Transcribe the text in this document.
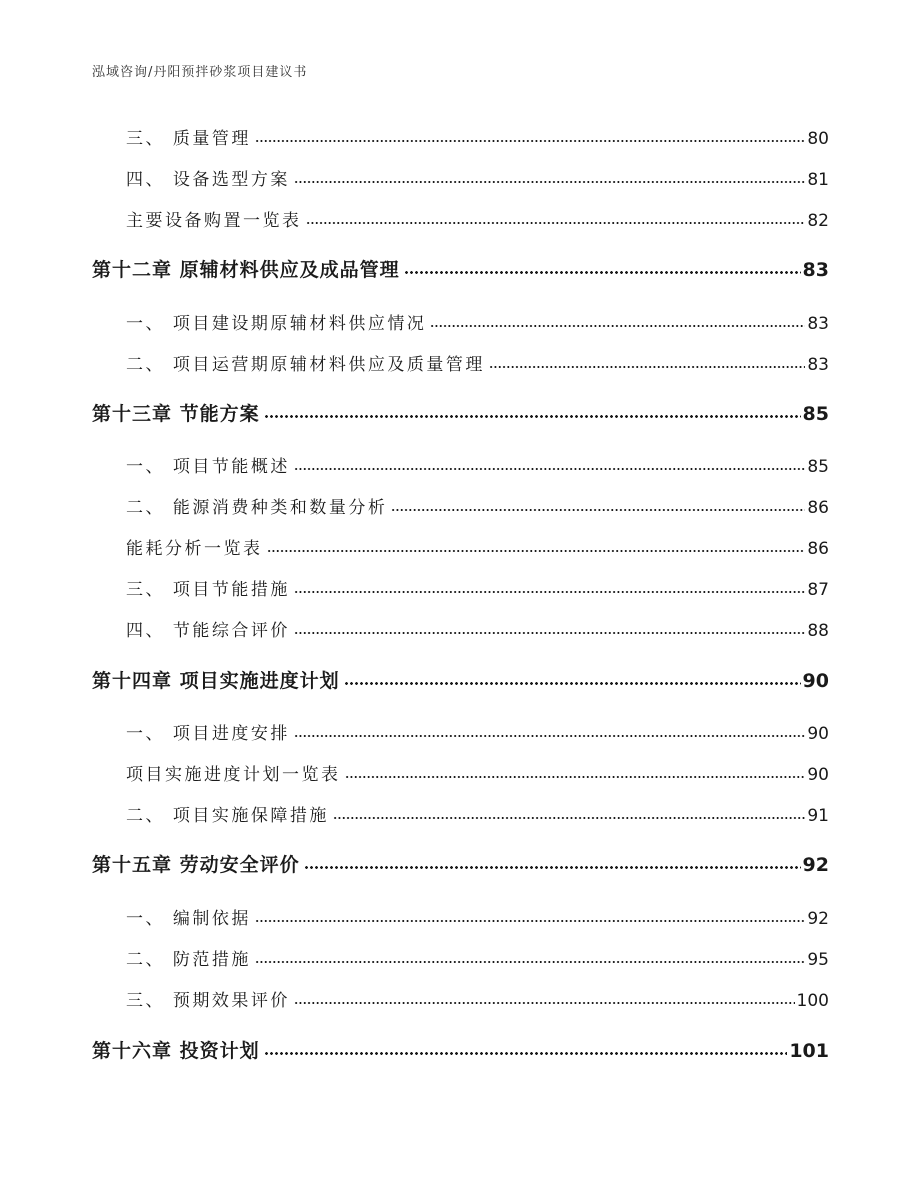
泓域咨询/丹阳预拌砂浆项目建议书
三、 质量管理	80
四、 设备选型方案	81
主要设备购置一览表	82
第十二章 原辅材料供应及成品管理	83
一、 项目建设期原辅材料供应情况	83
二、 项目运营期原辅材料供应及质量管理	83
第十三章 节能方案	85
一、 项目节能概述	85
二、 能源消费种类和数量分析	86
能耗分析一览表	86
三、 项目节能措施	87
四、 节能综合评价	88
第十四章 项目实施进度计划	90
一、 项目进度安排	90
项目实施进度计划一览表	90
二、 项目实施保障措施	91
第十五章 劳动安全评价	92
一、 编制依据	92
二、 防范措施	95
三、 预期效果评价	100
第十六章 投资计划	101
